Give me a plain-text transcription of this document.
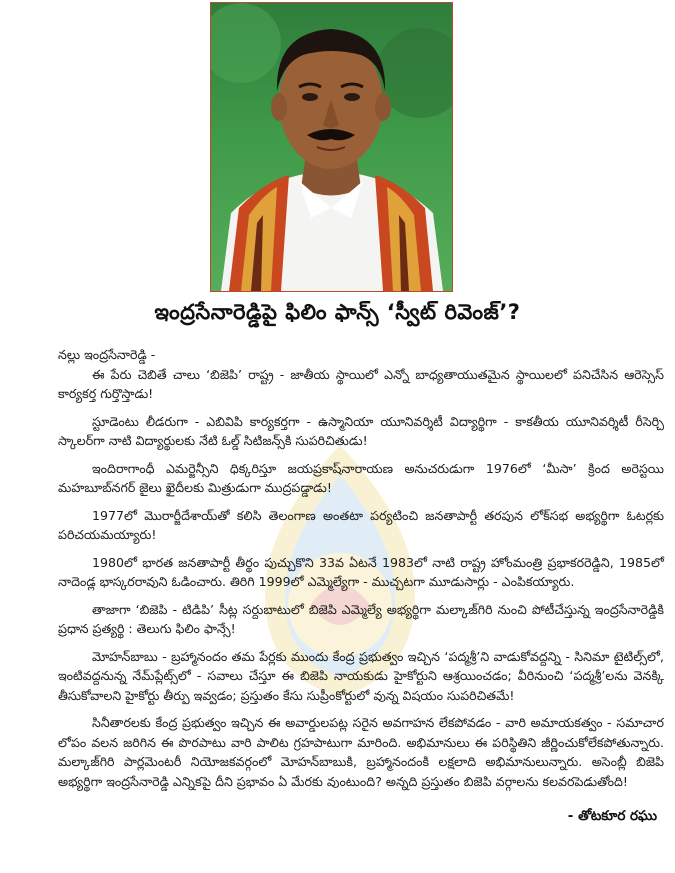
ఇంద్రసేనారెడ్డిపై ఫిలిం ఫాన్స్ ‘స్వీట్ రివెంజ్’?

నల్లు ఇంద్రసేనారెడ్డి -

ఈ పేరు చెబితే చాలు ‘బిజెపి’ రాష్ట్ర - జాతీయ స్థాయిలో ఎన్నో బాధ్యతాయుతమైన స్థాయిలలో పనిచేసిన ఆరెస్సెస్ కార్యకర్త గుర్తొస్తాడు!

స్టూడెంటు లీడరుగా - ఎబివిపి కార్యకర్తగా - ఉస్మానియా యూనివర్శిటీ విద్యార్థిగా - కాకతీయ యూనివర్శిటీ రీసెర్చి స్కాలర్‌గా నాటి విద్యార్థులకు నేటి ఓల్డ్ సిటిజన్స్‌కి సుపరిచితుడు!

ఇందిరాగాంధీ ఎమర్జెన్సీని ధిక్కరిస్తూ జయప్రకాష్‌నారాయణ అనుచరుడుగా 1976లో ‘మీసా’ క్రింద అరెస్టయి మహబూబ్‌నగర్ జైలు ఖైదీలకు మిత్రుడుగా ముద్రపడ్డాడు!

1977లో మొరార్జీదేశాయ్‌తో కలిసి తెలంగాణ అంతటా పర్యటించి జనతాపార్టీ తరపున లోక్‌సభ అభ్యర్థిగా ఓటర్లకు పరిచయమయ్యారు!

1980లో భారత జనతాపార్టీ తీర్థం పుచ్చుకొని 33వ ఏటనే 1983లో నాటి రాష్ట్ర హోంమంత్రి ప్రభాకరరెడ్డిని, 1985లో నాదెండ్ల భాస్కరరావుని ఓడించారు. తిరిగి 1999లో ఎమ్మెల్యేగా - ముచ్చటగా మూడుసార్లు - ఎంపికయ్యారు.

తాజాగా ‘బిజెపి - టిడిపి’ సీట్ల సర్దుబాటులో బిజెపి ఎమ్మెల్యే అభ్యర్థిగా మల్కాజ్‌గిరి నుంచి పోటీచేస్తున్న ఇంద్రసేనారెడ్డికి ప్రధాన ప్రత్యర్థి : తెలుగు ఫిలిం ఫాన్సే!

మోహన్‌బాబు - బ్రహ్మానందం తమ పేర్లకు ముందు కేంద్ర ప్రభుత్వం ఇచ్చిన ‘పద్మశ్రీ’ని వాడుకోవద్దన్ని - సినిమా టైటిల్స్‌లో, ఇంటివద్దనున్న నేమ్‌ప్లేట్స్‌లో - సవాలు చేస్తూ ఈ బిజెపి నాయకుడు హైకోర్టుని ఆశ్రయించడం; వీరినుంచి ‘పద్మశ్రీ’లను వెనక్కి తీసుకోవాలని హైకోర్టు తీర్పు ఇవ్వడం; ప్రస్తుతం కేసు సుప్రీంకోర్టులో వున్న విషయం సుపరిచితమే!

సినీతారలకు కేంద్ర ప్రభుత్వం ఇచ్చిన ఈ అవార్డులపట్ల సరైన అవగాహన లేకపోవడం - వారి అమాయకత్వం - సమాచార లోపం వలన జరిగిన ఈ పొరపాటు వారి పాలిట గ్రహపాటుగా మారింది. అభిమానులు ఈ పరిస్థితిని జీర్ణించుకోలేకపోతున్నారు. మల్కాజ్‌గిరి పార్లమెంటరీ నియోజకవర్గంలో మోహన్‌బాబుకి, బ్రహ్మానందంకి లక్షలాది అభిమానులున్నారు. అసెంబ్లీ బిజెపి అభ్యర్థిగా ఇంద్రసేనారెడ్డి ఎన్నికపై దీని ప్రభావం ఏ మేరకు వుంటుంది? అన్నది ప్రస్తుతం బిజెపి వర్గాలను కలవరపెడుతోంది!

- తోటకూర రఘు
